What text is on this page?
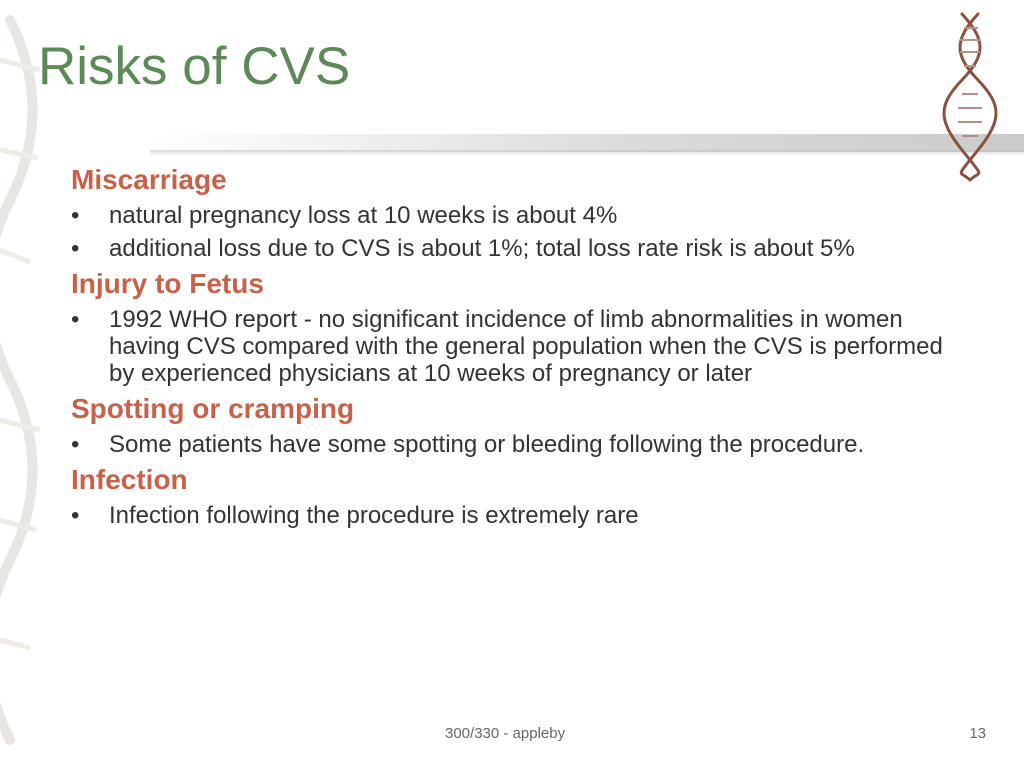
Risks of CVS

Miscarriage

• natural pregnancy loss at 10 weeks is about 4%

• additional loss due to CVS is about 1%; total loss rate risk is about 5%

Injury to Fetus

• 1992 WHO report - no significant incidence of limb abnormalities in women having CVS compared with the general population when the CVS is performed by experienced physicians at 10 weeks of pregnancy or later

Spotting or cramping

• Some patients have some spotting or bleeding following the procedure.

Infection

• Infection following the procedure is extremely rare

300/330 - appleby	13
